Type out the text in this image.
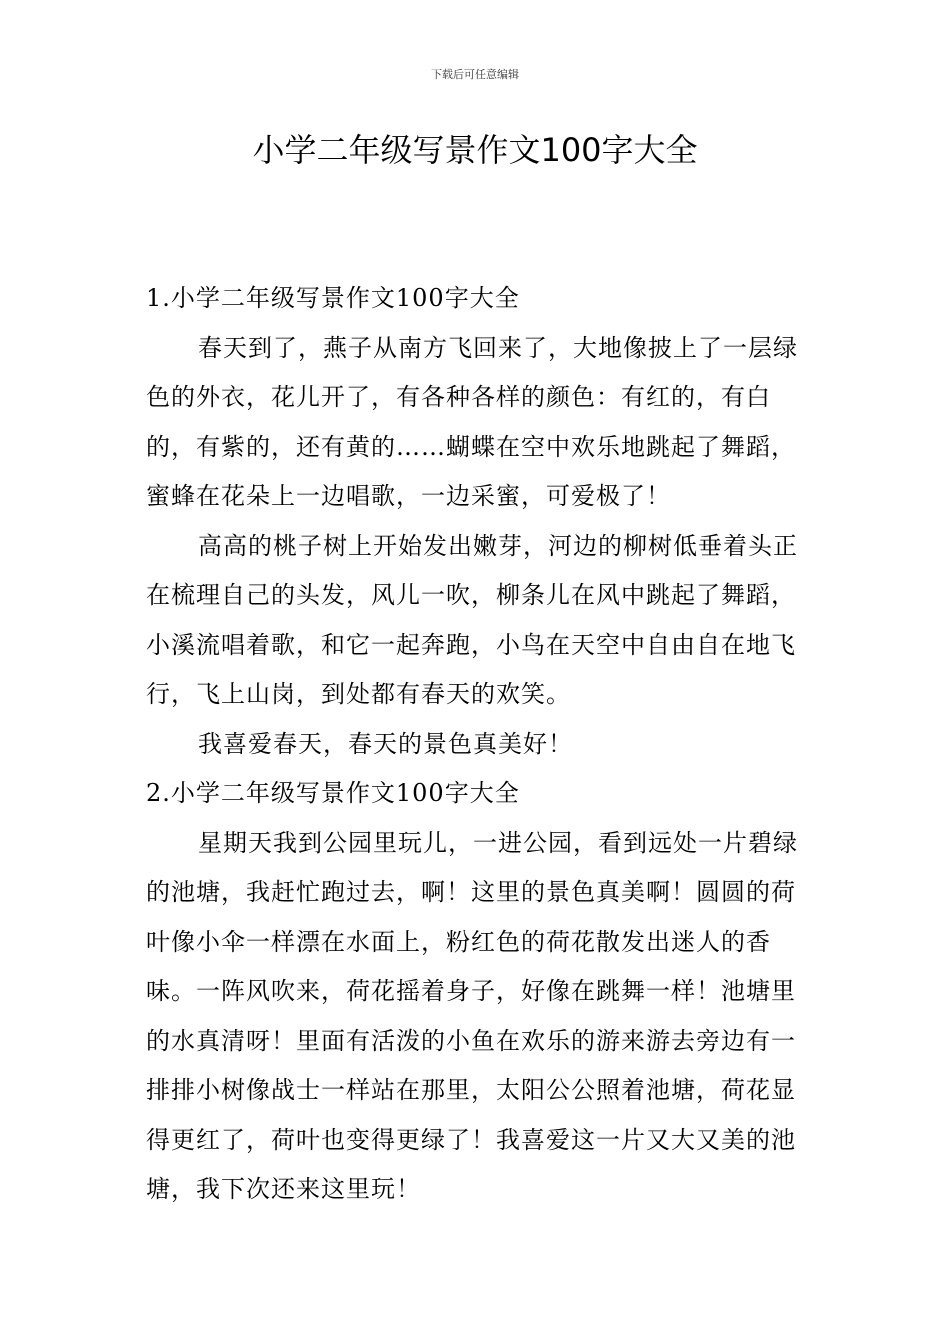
下载后可任意编辑
小学二年级写景作文100字大全

1.小学二年级写景作文100字大全

春天到了，燕子从南方飞回来了，大地像披上了一层绿色的外衣，花儿开了，有各种各样的颜色：有红的，有白的，有紫的，还有黄的……蝴蝶在空中欢乐地跳起了舞蹈，蜜蜂在花朵上一边唱歌，一边采蜜，可爱极了！

高高的桃子树上开始发出嫩芽，河边的柳树低垂着头正在梳理自己的头发，风儿一吹，柳条儿在风中跳起了舞蹈，小溪流唱着歌，和它一起奔跑，小鸟在天空中自由自在地飞行，飞上山岗，到处都有春天的欢笑。

我喜爱春天，春天的景色真美好！

2.小学二年级写景作文100字大全

星期天我到公园里玩儿，一进公园，看到远处一片碧绿的池塘，我赶忙跑过去，啊！这里的景色真美啊！圆圆的荷叶像小伞一样漂在水面上，粉红色的荷花散发出迷人的香味。一阵风吹来，荷花摇着身子，好像在跳舞一样！池塘里的水真清呀！里面有活泼的小鱼在欢乐的游来游去旁边有一排排小树像战士一样站在那里，太阳公公照着池塘，荷花显得更红了，荷叶也变得更绿了！我喜爱这一片又大又美的池塘，我下次还来这里玩！
